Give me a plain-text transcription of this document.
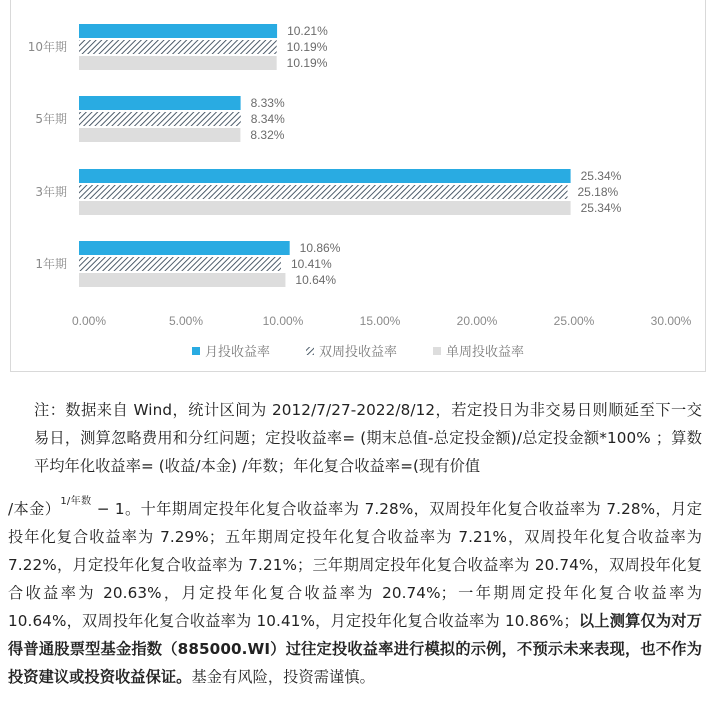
10.21%
10.19%
10.19%
10年期
8.33%
8.34%
8.32%
5年期
25.34%
25.18%
25.34%
3年期
10.86%
10.41%
10.64%
1年期
0.00%	5.00%	10.00%	15.00%	20.00%	25.00%	30.00%
月投收益率	双周投收益率	单周投收益率

注：数据来自 Wind，统计区间为 2012/7/27-2022/8/12，若定投日为非交易日则顺延至下一交易日，测算忽略费用和分红问题；定投收益率= (期末总值-总定投金额)/总定投金额*100% ；算数平均年化收益率= (收益/本金) /年数；年化复合收益率=(现有价值

/本金）$^{1/年数}$ − 1。十年期周定投年化复合收益率为 7.28%，双周投年化复合收益率为 7.28%，月定投年化复合收益率为 7.29%；五年期周定投年化复合收益率为 7.21%，双周投年化复合收益率为 7.22%，月定投年化复合收益率为 7.21%；三年期周定投年化复合收益率为 20.74%，双周投年化复合收益率为 20.63%，月定投年化复合收益率为 20.74%；一年期周定投年化复合收益率为 10.64%，双周投年化复合收益率为 10.41%，月定投年化复合收益率为 10.86%；以上测算仅为对万得普通股票型基金指数（885000.WI）过往定投收益率进行模拟的示例，不预示未来表现，也不作为投资建议或投资收益保证。基金有风险，投资需谨慎。
